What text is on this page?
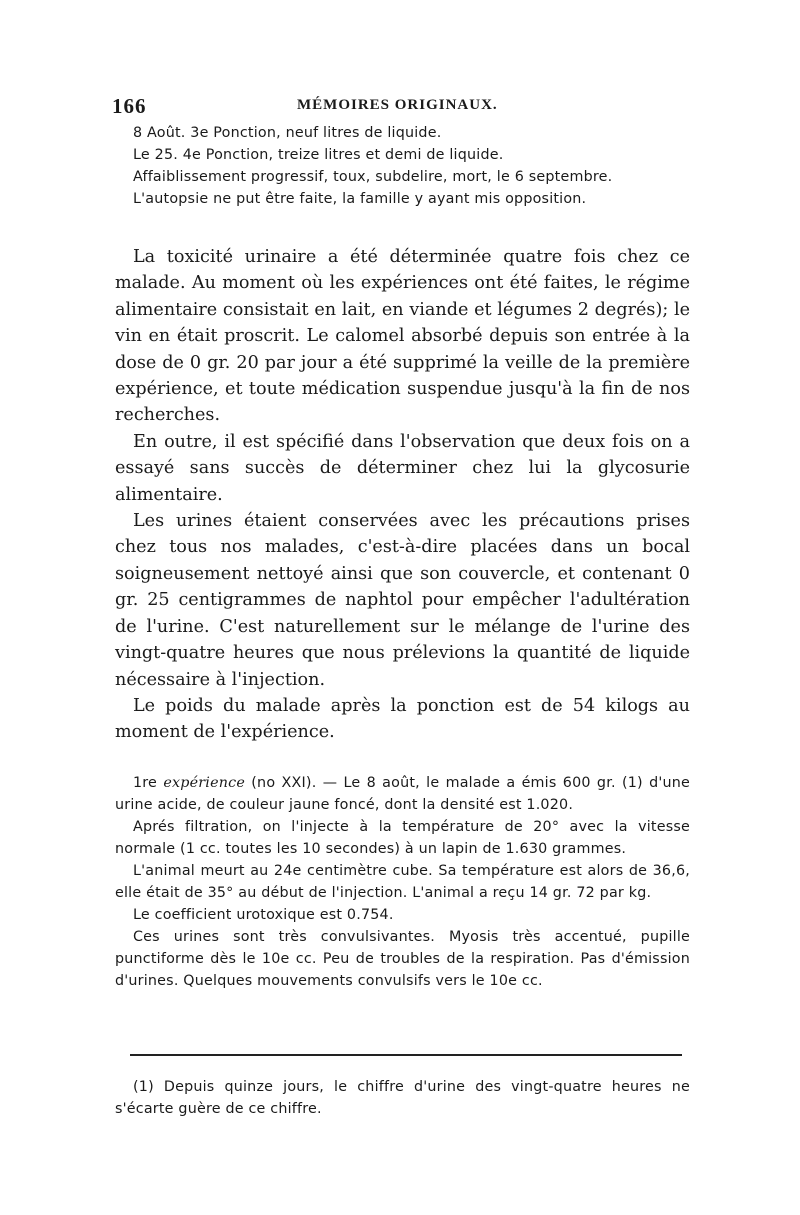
166	MÉMOIRES ORIGINAUX.

8 Août. 3e Ponction, neuf litres de liquide.

Le 25. 4e Ponction, treize litres et demi de liquide.

Affaiblissement progressif, toux, subdelire, mort, le 6 septembre.

L'autopsie ne put être faite, la famille y ayant mis opposition.

La toxicité urinaire a été déterminée quatre fois chez ce malade. Au moment où les expériences ont été faites, le régime alimentaire consistait en lait, en viande et légumes 2 degrés); le vin en était proscrit. Le calomel absorbé depuis son entrée à la dose de 0 gr. 20 par jour a été supprimé la veille de la première expérience, et toute médication suspendue jusqu'à la fin de nos recherches.

En outre, il est spécifié dans l'observation que deux fois on a essayé sans succès de déterminer chez lui la glycosurie alimentaire.

Les urines étaient conservées avec les précautions prises chez tous nos malades, c'est-à-dire placées dans un bocal soigneusement nettoyé ainsi que son couvercle, et contenant 0 gr. 25 centigrammes de naphtol pour empêcher l'adultération de l'urine. C'est naturellement sur le mélange de l'urine des vingt-quatre heures que nous prélevions la quantité de liquide nécessaire à l'injection.

Le poids du malade après la ponction est de 54 kilogs au moment de l'expérience.

1re expérience (no XXI). — Le 8 août, le malade a émis 600 gr. (1) d'une urine acide, de couleur jaune foncé, dont la densité est 1.020.

Aprés filtration, on l'injecte à la température de 20° avec la vitesse normale (1 cc. toutes les 10 secondes) à un lapin de 1.630 grammes.

L'animal meurt au 24e centimètre cube. Sa température est alors de 36,6, elle était de 35° au début de l'injection. L'animal a reçu 14 gr. 72 par kg.

Le coefficient urotoxique est 0.754.

Ces urines sont très convulsivantes. Myosis très accentué, pupille punctiforme dès le 10e cc. Peu de troubles de la respiration. Pas d'émission d'urines. Quelques mouvements convulsifs vers le 10e cc.

(1) Depuis quinze jours, le chiffre d'urine des vingt-quatre heures ne s'écarte guère de ce chiffre.
